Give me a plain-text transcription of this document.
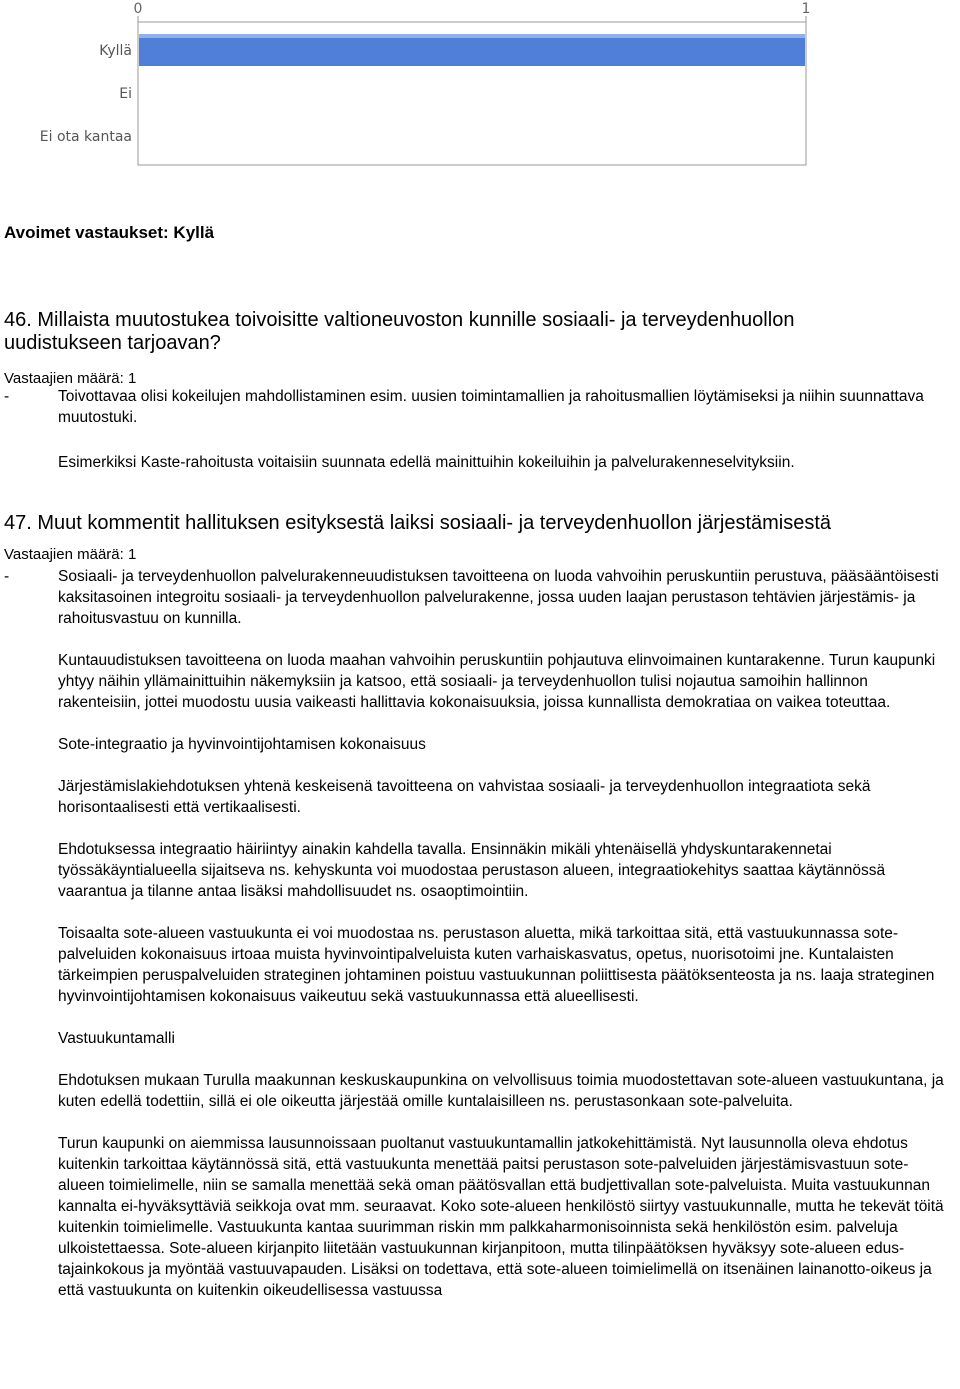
0	1
Kyllä
Ei
Ei ota kantaa
Avoimet vastaukset: Kyllä
46. Millaista muutostukea toivoisitte valtioneuvoston kunnille sosiaali- ja terveydenhuollon uudistukseen tarjoavan?
Vastaajien määrä: 1
-	Toivottavaa olisi kokeilujen mahdollistaminen esim. uusien toimintamallien ja rahoitusmallien löytämiseksi ja niihin suunnattava muutostuki.

Esimerkiksi Kaste-rahoitusta voitaisiin suunnata edellä mainittuihin kokeiluihin ja palvelurakenneselvityksiin.

47. Muut kommentit hallituksen esityksestä laiksi sosiaali- ja terveydenhuollon järjestämisestä
Vastaajien määrä: 1
-	Sosiaali- ja terveydenhuollon palvelurakenneuudistuksen tavoitteena on luoda vahvoihin peruskuntiin perustuva, pääsääntöisesti kaksitasoinen integroitu sosiaali- ja terveydenhuollon palvelurakenne, jossa uuden laajan perustason tehtävien järjestämis- ja rahoitusvastuu on kunnilla.

Kuntauudistuksen tavoitteena on luoda maahan vahvoihin peruskuntiin pohjautuva elinvoimainen kuntarakenne. Turun kaupunki yhtyy näihin yllämainittuihin näkemyksiin ja katsoo, että sosiaali- ja terveydenhuollon tulisi nojautua samoihin hallinnon rakenteisiin, jottei muodostu uusia vaikeasti hallittavia kokonaisuuksia, joissa kunnallista demokratiaa on vaikea toteuttaa.

Sote-integraatio ja hyvinvointijohtamisen kokonaisuus

Järjestämislakiehdotuksen yhtenä keskeisenä tavoitteena on vahvistaa sosiaali- ja terveydenhuollon integraatiota sekä horisontaalisesti että vertikaalisesti.

Ehdotuksessa integraatio häiriintyy ainakin kahdella tavalla. Ensinnäkin mikäli yhtenäisellä yhdyskuntarakennetai työssäkäyntialueella sijaitseva ns. kehyskunta voi muodostaa perustason alueen, integraatiokehitys saattaa käytännössä vaarantua ja tilanne antaa lisäksi mahdollisuudet ns. osaoptimointiin.

Toisaalta sote-alueen vastuukunta ei voi muodostaa ns. perustason aluetta, mikä tarkoittaa sitä, että vastuukunnassa sote-palveluiden kokonaisuus irtoaa muista hyvinvointipalveluista kuten varhaiskasvatus, opetus, nuorisotoimi jne. Kuntalaisten tärkeimpien peruspalveluiden strateginen johtaminen poistuu vastuukunnan poliittisesta päätöksenteosta ja ns. laaja strateginen hyvinvointijohtamisen kokonaisuus vaikeutuu sekä vastuukunnassa että alueellisesti.

Vastuukuntamalli

Ehdotuksen mukaan Turulla maakunnan keskuskaupunkina on velvollisuus toimia muodostettavan sote-alueen vastuukuntana, ja kuten edellä todettiin, sillä ei ole oikeutta järjestää omille kuntalaisilleen ns. perustasonkaan sote-palveluita.

Turun kaupunki on aiemmissa lausunnoissaan puoltanut vastuukuntamallin jatkokehittämistä. Nyt lausunnolla oleva ehdotus kuitenkin tarkoittaa käytännössä sitä, että vastuukunta menettää paitsi perustason sote-palveluiden järjestämisvastuun sote-alueen toimielimelle, niin se samalla menettää sekä oman päätösvallan että budjettivallan sote-palveluista. Muita vastuukunnan kannalta ei-hyväksyttäviä seikkoja ovat mm. seuraavat. Koko sote-alueen henkilöstö siirtyy vastuukunnalle, mutta he tekevät töitä kuitenkin toimielimelle. Vastuukunta kantaa suurimman riskin mm palkkaharmonisoinnista sekä henkilöstön esim. palveluja ulkoistettaessa. Sote-alueen kirjanpito liitetään vastuukunnan kirjanpitoon, mutta tilinpäätöksen hyväksyy sote-alueen edus-tajainkokous ja myöntää vastuuvapauden. Lisäksi on todettava, että sote-alueen toimielimellä on itsenäinen lainanotto-oikeus ja että vastuukunta on kuitenkin oikeudellisessa vastuussa
